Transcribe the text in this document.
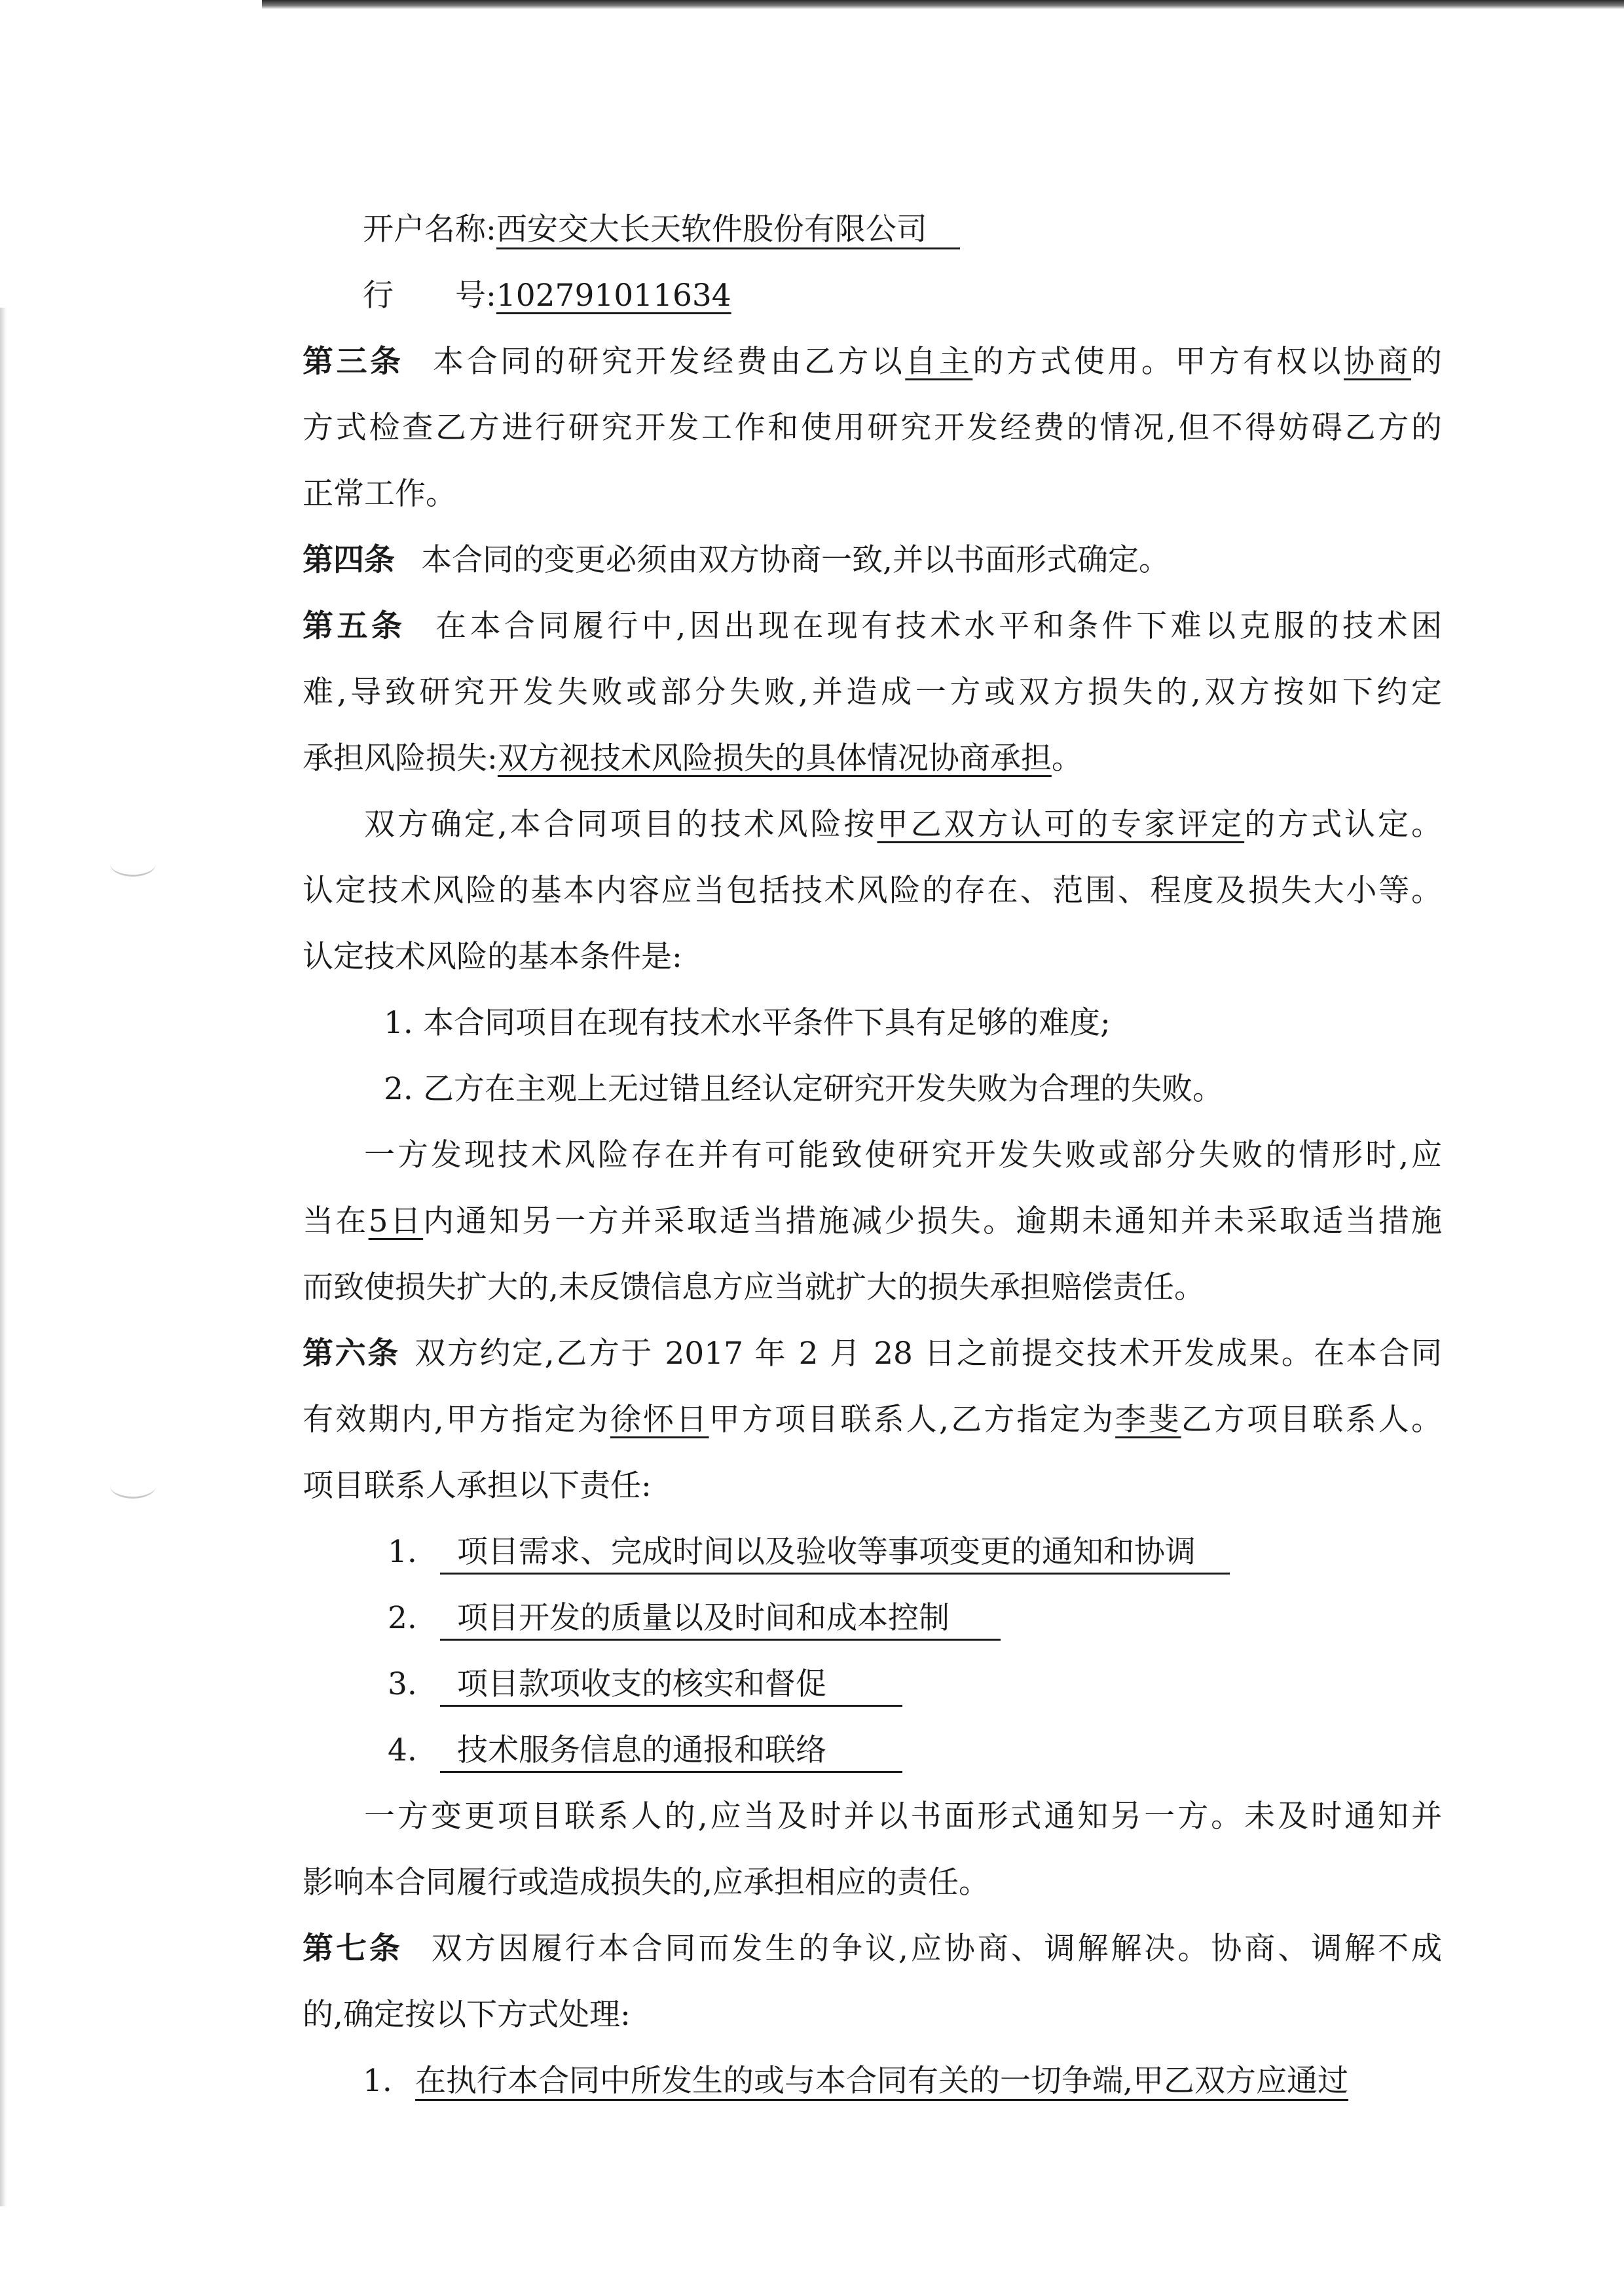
开户名称:西安交大长天软件股份有限公司
行　　号:102791011634
第三条 本合同的研究开发经费由乙方以自主的方式使用。甲方有权以协商的
方式检查乙方进行研究开发工作和使用研究开发经费的情况,但不得妨碍乙方的
正常工作。
第四条 本合同的变更必须由双方协商一致,并以书面形式确定。
第五条 在本合同履行中,因出现在现有技术水平和条件下难以克服的技术困
难,导致研究开发失败或部分失败,并造成一方或双方损失的,双方按如下约定
承担风险损失:双方视技术风险损失的具体情况协商承担。
双方确定,本合同项目的技术风险按甲乙双方认可的专家评定的方式认定。
认定技术风险的基本内容应当包括技术风险的存在、范围、程度及损失大小等。
认定技术风险的基本条件是:
1. 本合同项目在现有技术水平条件下具有足够的难度;
2. 乙方在主观上无过错且经认定研究开发失败为合理的失败。
一方发现技术风险存在并有可能致使研究开发失败或部分失败的情形时,应
当在5日内通知另一方并采取适当措施减少损失。逾期未通知并未采取适当措施
而致使损失扩大的,未反馈信息方应当就扩大的损失承担赔偿责任。
第六条 双方约定,乙方于 2017 年 2 月 28 日之前提交技术开发成果。在本合同
有效期内,甲方指定为徐怀日甲方项目联系人,乙方指定为李斐乙方项目联系人。
项目联系人承担以下责任:
1. 项目需求、完成时间以及验收等事项变更的通知和协调
2. 项目开发的质量以及时间和成本控制
3. 项目款项收支的核实和督促
4. 技术服务信息的通报和联络
一方变更项目联系人的,应当及时并以书面形式通知另一方。未及时通知并
影响本合同履行或造成损失的,应承担相应的责任。
第七条 双方因履行本合同而发生的争议,应协商、调解解决。协商、调解不成
的,确定按以下方式处理:
1. 在执行本合同中所发生的或与本合同有关的一切争端,甲乙双方应通过
